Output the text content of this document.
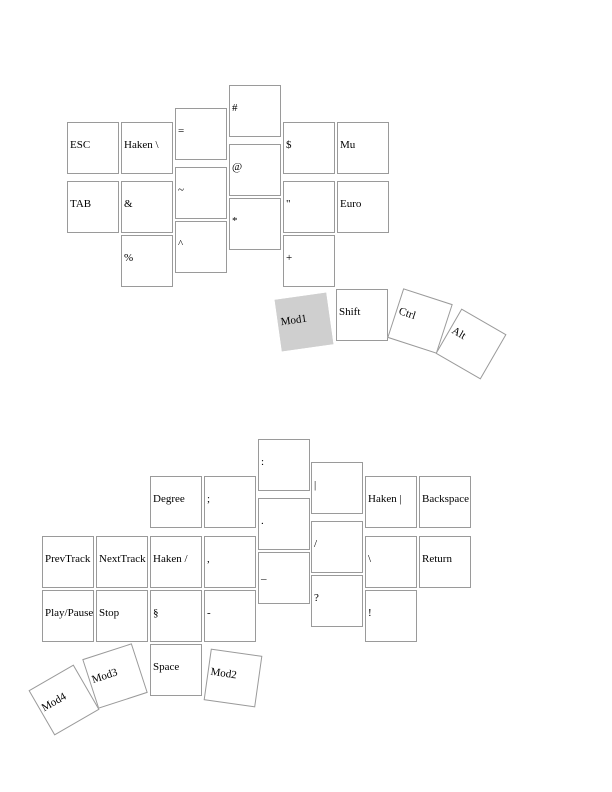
ESC	Haken \
=
#
$	Mu
TAB	&
~
@
"	Euro
%
^
*
+
Mod1
Shift	Ctrl
Alt
:
|
Degree ;	Haken | Backspace
.
/
PrevTrack NextTrack Haken / ,	\	Return
_
?
Play/Pause Stop	§	-	!
Space	Mod2
Mod3
Mod4
